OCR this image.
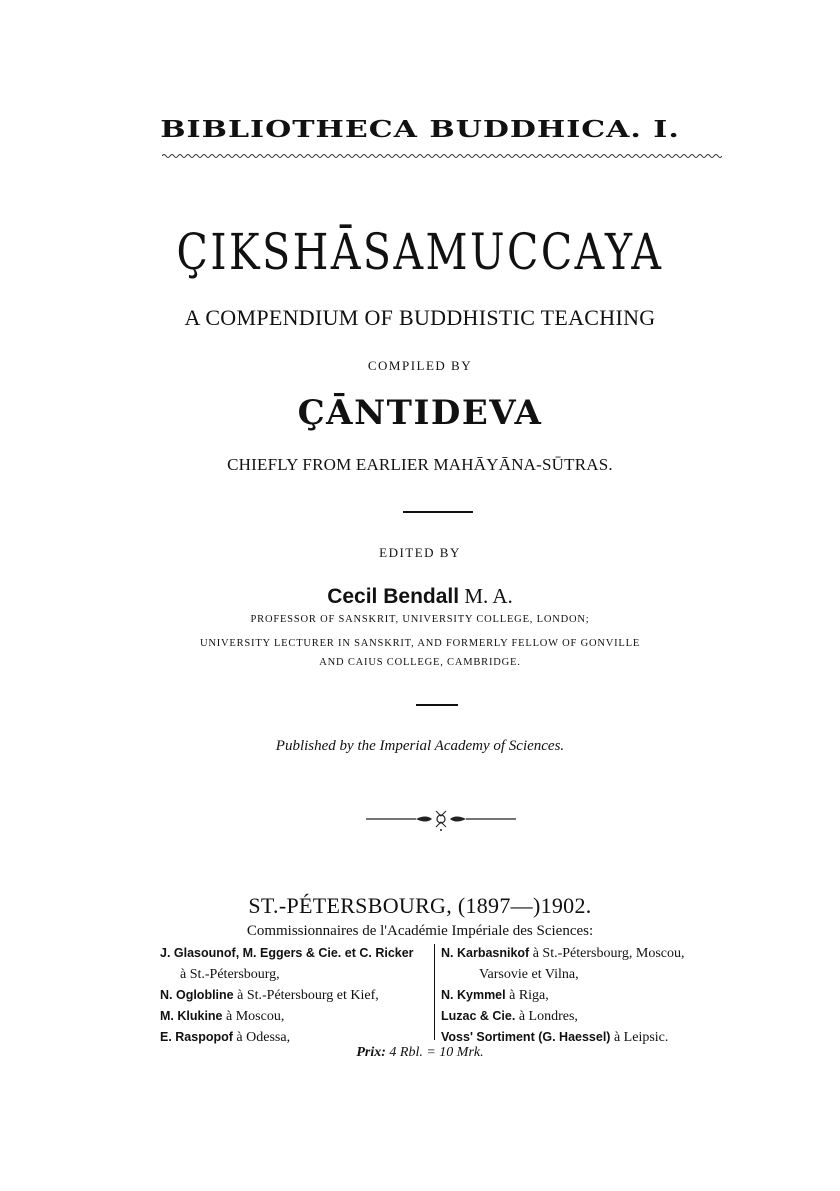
BIBLIOTHECA BUDDHICA. I.
ÇIKSHĀSAMUCCAYA
A COMPENDIUM OF BUDDHISTIC TEACHING
COMPILED BY
ÇĀNTIDEVA
CHIEFLY FROM EARLIER MAHĀYĀNA-SŪTRAS.
EDITED BY
Cecil Bendall M. A.
PROFESSOR OF SANSKRIT, UNIVERSITY COLLEGE, LONDON;
UNIVERSITY LECTURER IN SANSKRIT, AND FORMERLY FELLOW OF GONVILLE
AND CAIUS COLLEGE, CAMBRIDGE.
Published by the Imperial Academy of Sciences.
ST.-PÉTERSBOURG, (1897—)1902.
Commissionnaires de l'Académie Impériale des Sciences:
J. Glasounof, M. Eggers & Cie. et C. Ricker
à St.-Pétersbourg,
N. Oglobline à St.-Pétersbourg et Kief,
M. Klukine à Moscou,
E. Raspopof à Odessa,
N. Karbasnikof à St.-Pétersbourg, Moscou,
Varsovie et Vilna,
N. Kymmel à Riga,
Luzac & Cie. à Londres,
Voss' Sortiment (G. Haessel) à Leipsic.
Prix: 4 Rbl. = 10 Mrk.
